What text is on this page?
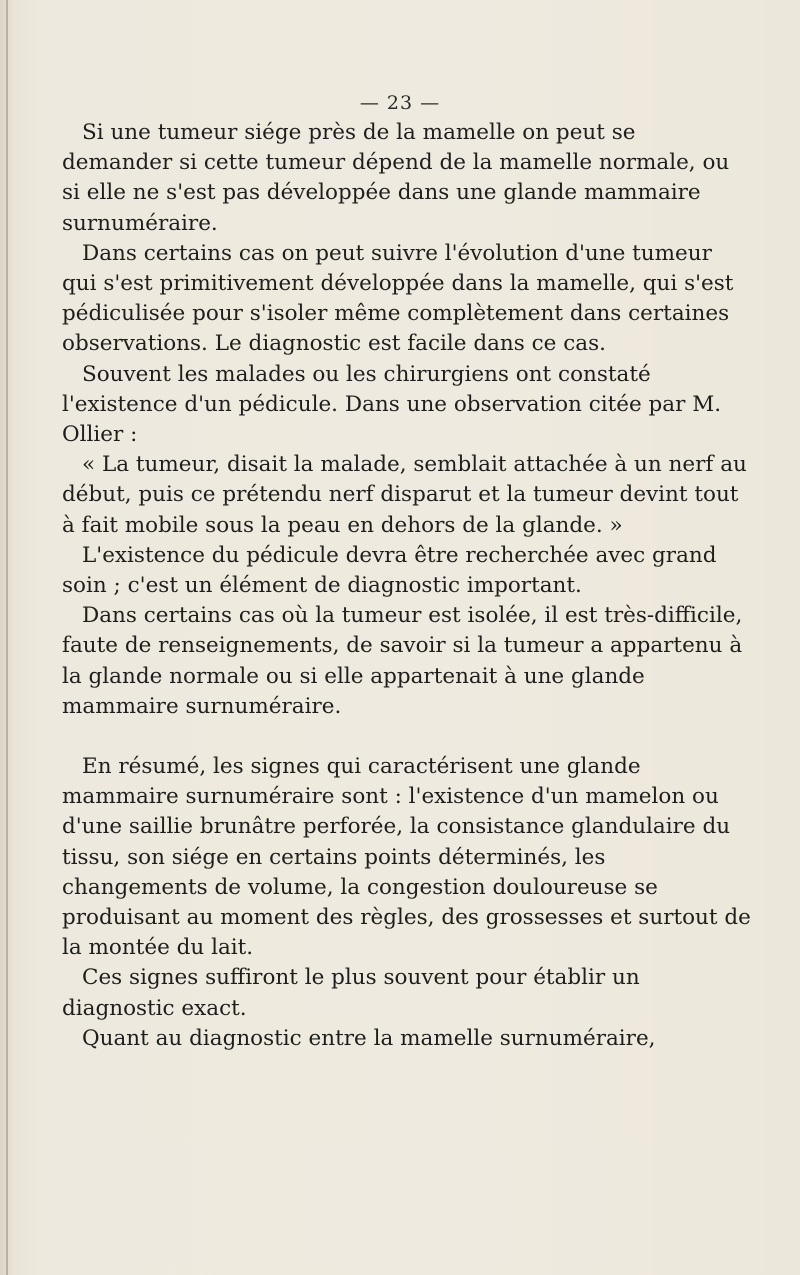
— 23 —

Si une tumeur siége près de la mamelle on peut se demander si cette tumeur dépend de la mamelle normale, ou si elle ne s'est pas développée dans une glande mammaire surnuméraire.

Dans certains cas on peut suivre l'évolution d'une tumeur qui s'est primitivement développée dans la mamelle, qui s'est pédiculisée pour s'isoler même complètement dans certaines observations. Le diagnostic est facile dans ce cas.

Souvent les malades ou les chirurgiens ont constaté l'existence d'un pédicule. Dans une observation citée par M. Ollier :

« La tumeur, disait la malade, semblait attachée à un nerf au début, puis ce prétendu nerf disparut et la tumeur devint tout à fait mobile sous la peau en dehors de la glande. »

L'existence du pédicule devra être recherchée avec grand soin ; c'est un élément de diagnostic important.

Dans certains cas où la tumeur est isolée, il est très-difficile, faute de renseignements, de savoir si la tumeur a appartenu à la glande normale ou si elle appartenait à une glande mammaire surnuméraire.

En résumé, les signes qui caractérisent une glande mammaire surnuméraire sont : l'existence d'un mamelon ou d'une saillie brunâtre perforée, la consistance glandulaire du tissu, son siége en certains points déterminés, les changements de volume, la congestion douloureuse se produisant au moment des règles, des grossesses et surtout de la montée du lait.

Ces signes suffiront le plus souvent pour établir un diagnostic exact.

Quant au diagnostic entre la mamelle surnuméraire,
